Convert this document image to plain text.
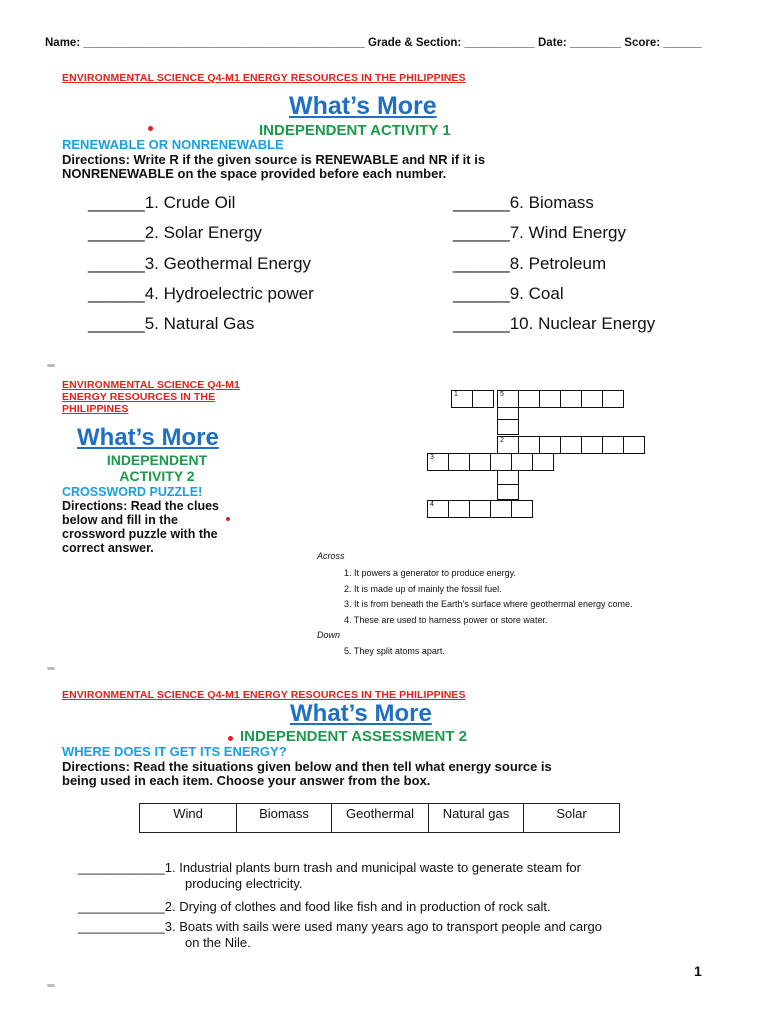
Name: ____________________________________________ Grade & Section: ___________ Date: ________ Score: ______
ENVIRONMENTAL SCIENCE Q4-M1 ENERGY RESOURCES IN THE PHILIPPINES
What’s More
INDEPENDENT ACTIVITY 1
RENEWABLE OR NONRENEWABLE
Directions: Write R if the given source is RENEWABLE and NR if it is
NONRENEWABLE on the space provided before each number.
______1. Crude Oil
______2. Solar Energy
______3. Geothermal Energy
______4. Hydroelectric power
______5. Natural Gas
______6. Biomass
______7. Wind Energy
______8. Petroleum
______9. Coal
______10. Nuclear Energy
ENVIRONMENTAL SCIENCE Q4-M1
ENERGY RESOURCES IN THE
PHILIPPINES
What’s More
INDEPENDENT
ACTIVITY 2
CROSSWORD PUZZLE!
Directions: Read the clues
below and fill in the
crossword puzzle with the
correct answer.
1	5
2
3
4
Across
1. It powers a generator to produce energy.
2. It is made up of mainly the fossil fuel.
3. It is from beneath the Earth’s surface where geothermal energy come.
4. These are used to harness power or store water.
Down
5. They split atoms apart.
ENVIRONMENTAL SCIENCE Q4-M1 ENERGY RESOURCES IN THE PHILIPPINES
What’s More
INDEPENDENT ASSESSMENT 2
WHERE DOES IT GET ITS ENERGY?
Directions: Read the situations given below and then tell what energy source is
being used in each item. Choose your answer from the box.
Wind	Biomass	Geothermal	Natural gas	Solar
____________1. Industrial plants burn trash and municipal waste to generate steam for
producing electricity.
____________2. Drying of clothes and food like fish and in production of rock salt.
____________3. Boats with sails were used many years ago to transport people and cargo
on the Nile.
1
